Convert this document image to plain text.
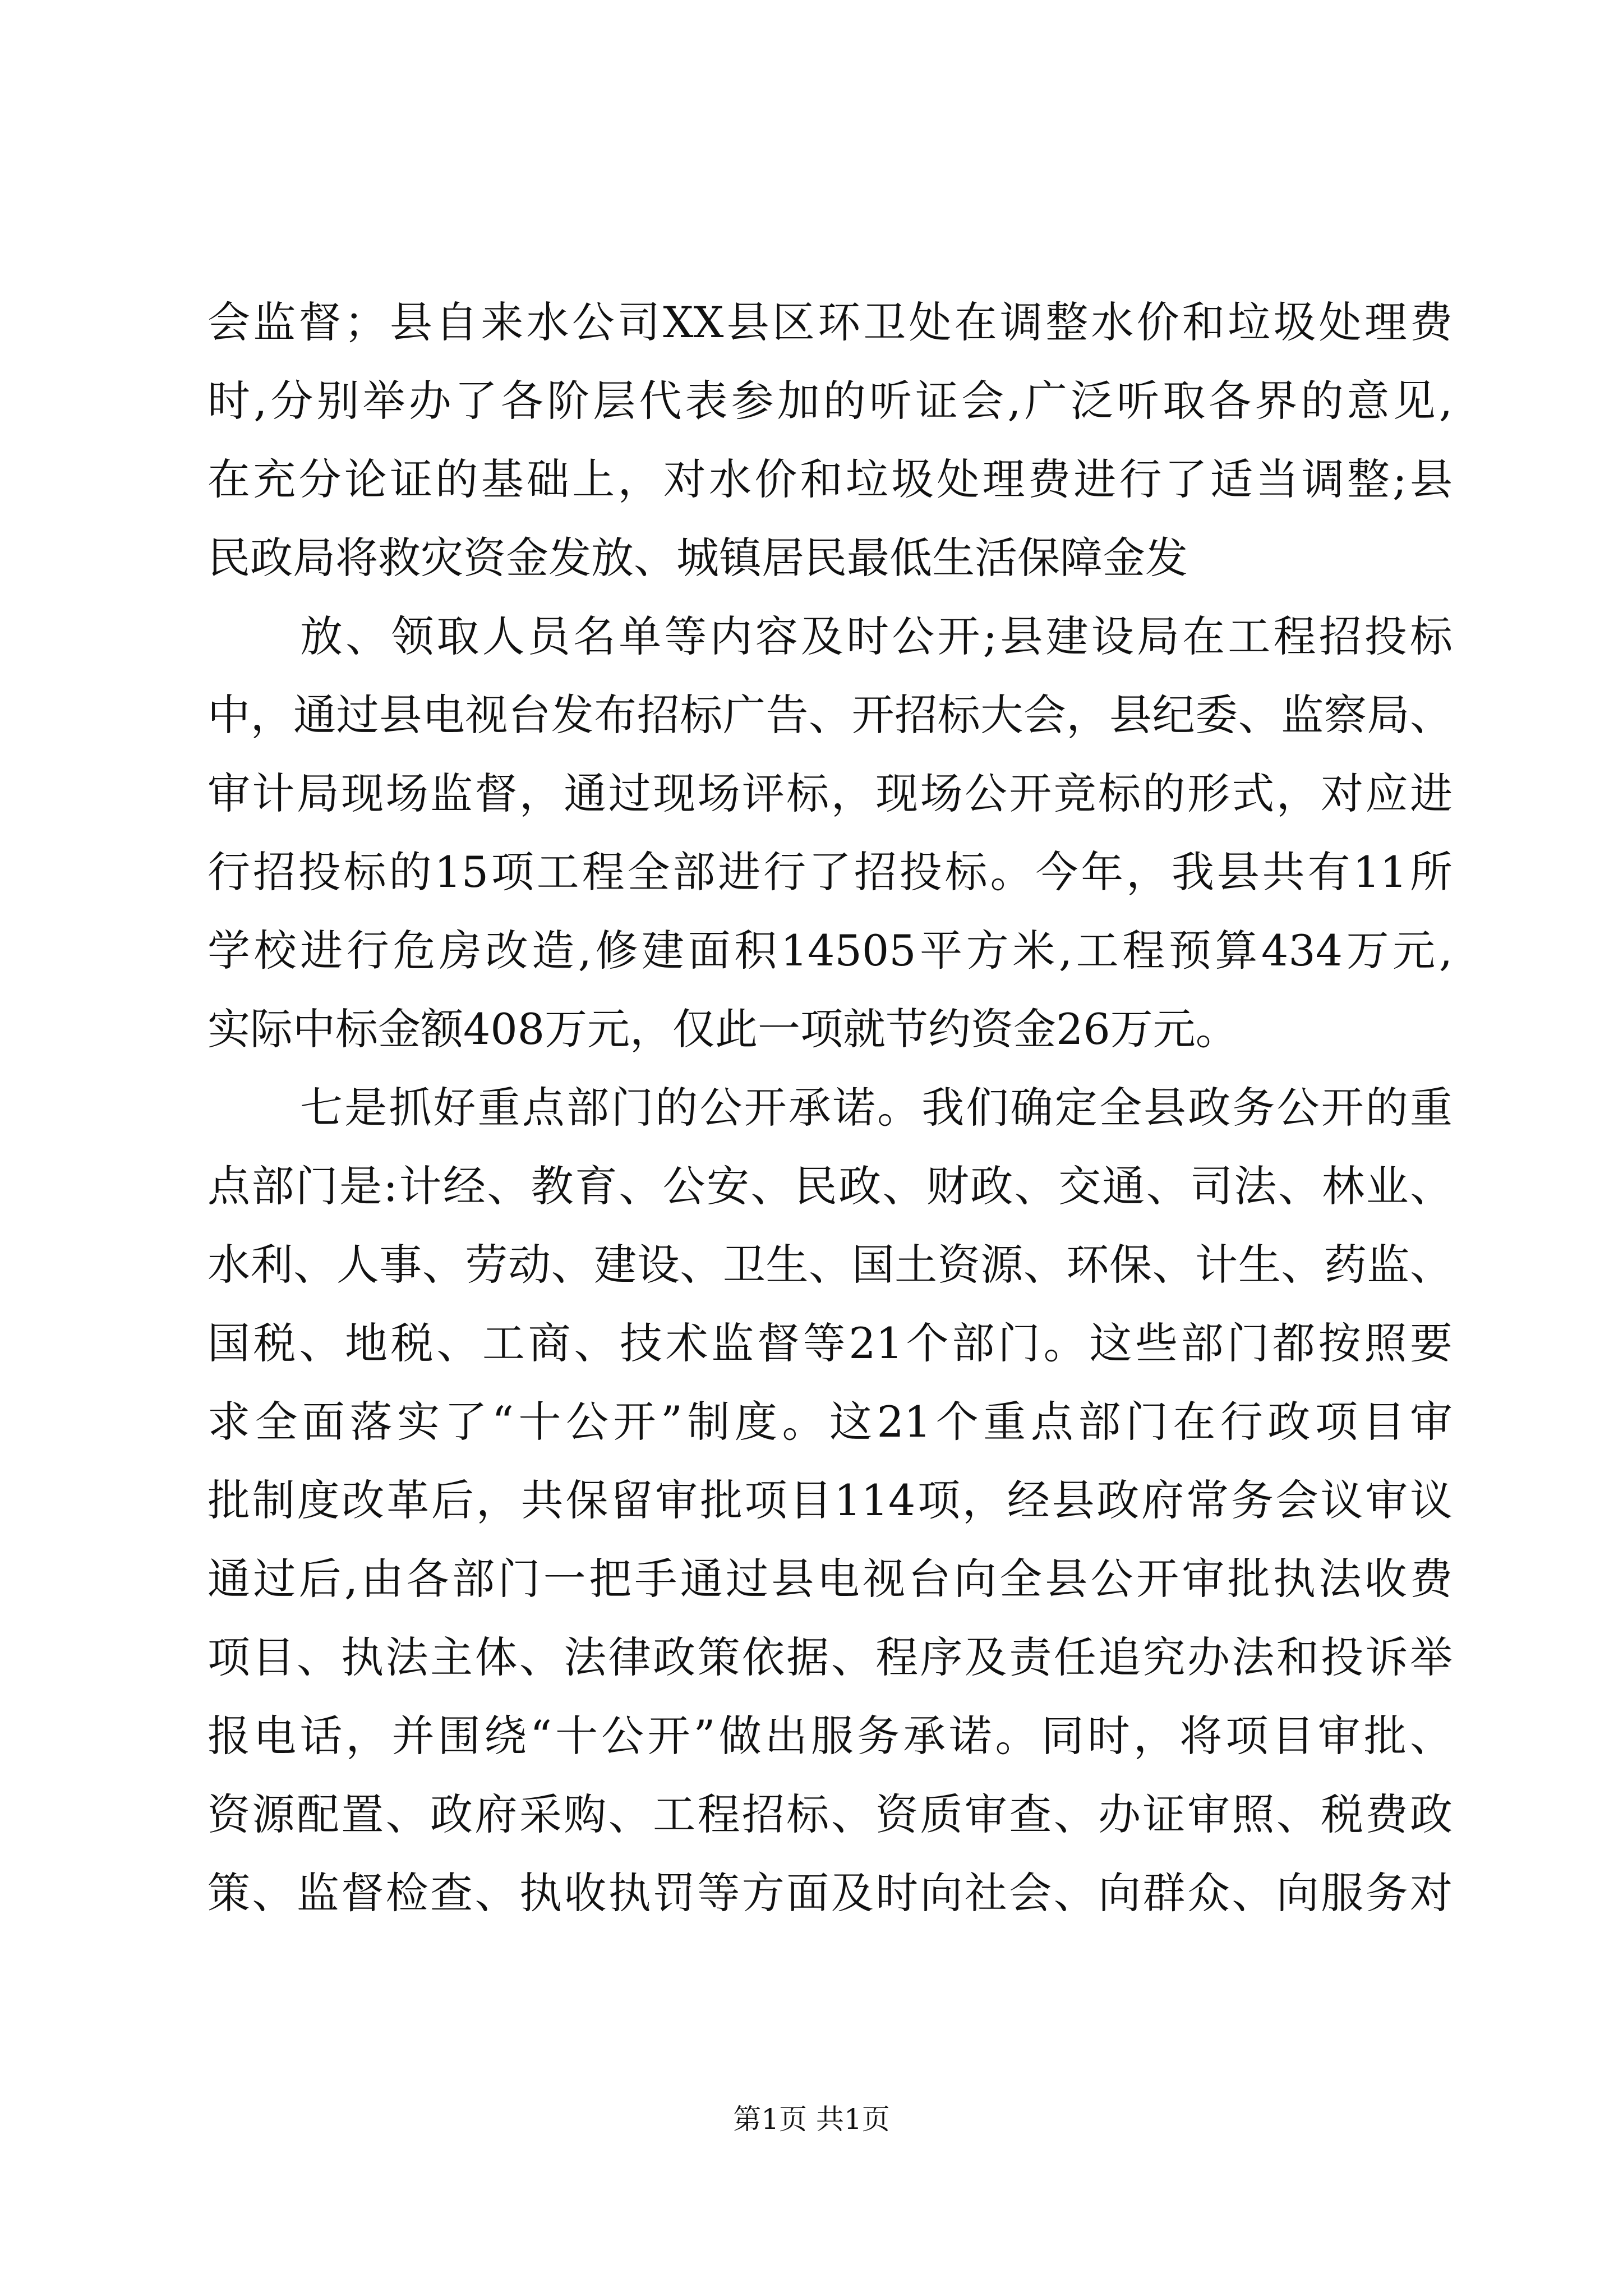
会监督；县自来水公司XX县区环卫处在调整水价和垃圾处理费
时,分别举办了各阶层代表参加的听证会,广泛听取各界的意见,
在充分论证的基础上，对水价和垃圾处理费进行了适当调整;县
民政局将救灾资金发放、城镇居民最低生活保障金发
放、领取人员名单等内容及时公开;县建设局在工程招投标
中，通过县电视台发布招标广告、开招标大会，县纪委、监察局、
审计局现场监督，通过现场评标，现场公开竞标的形式，对应进
行招投标的15项工程全部进行了招投标。今年，我县共有11所
学校进行危房改造,修建面积14505平方米,工程预算434万元,
实际中标金额408万元，仅此一项就节约资金26万元。
七是抓好重点部门的公开承诺。我们确定全县政务公开的重
点部门是:计经、教育、公安、民政、财政、交通、司法、林业、
水利、人事、劳动、建设、卫生、国土资源、环保、计生、药监、
国税、地税、工商、技术监督等21个部门。这些部门都按照要
求全面落实了“十公开”制度。这21个重点部门在行政项目审
批制度改革后，共保留审批项目114项，经县政府常务会议审议
通过后,由各部门一把手通过县电视台向全县公开审批执法收费
项目、执法主体、法律政策依据、程序及责任追究办法和投诉举
报电话，并围绕“十公开”做出服务承诺。同时，将项目审批、
资源配置、政府采购、工程招标、资质审查、办证审照、税费政
策、监督检查、执收执罚等方面及时向社会、向群众、向服务对
第1页 共1页
